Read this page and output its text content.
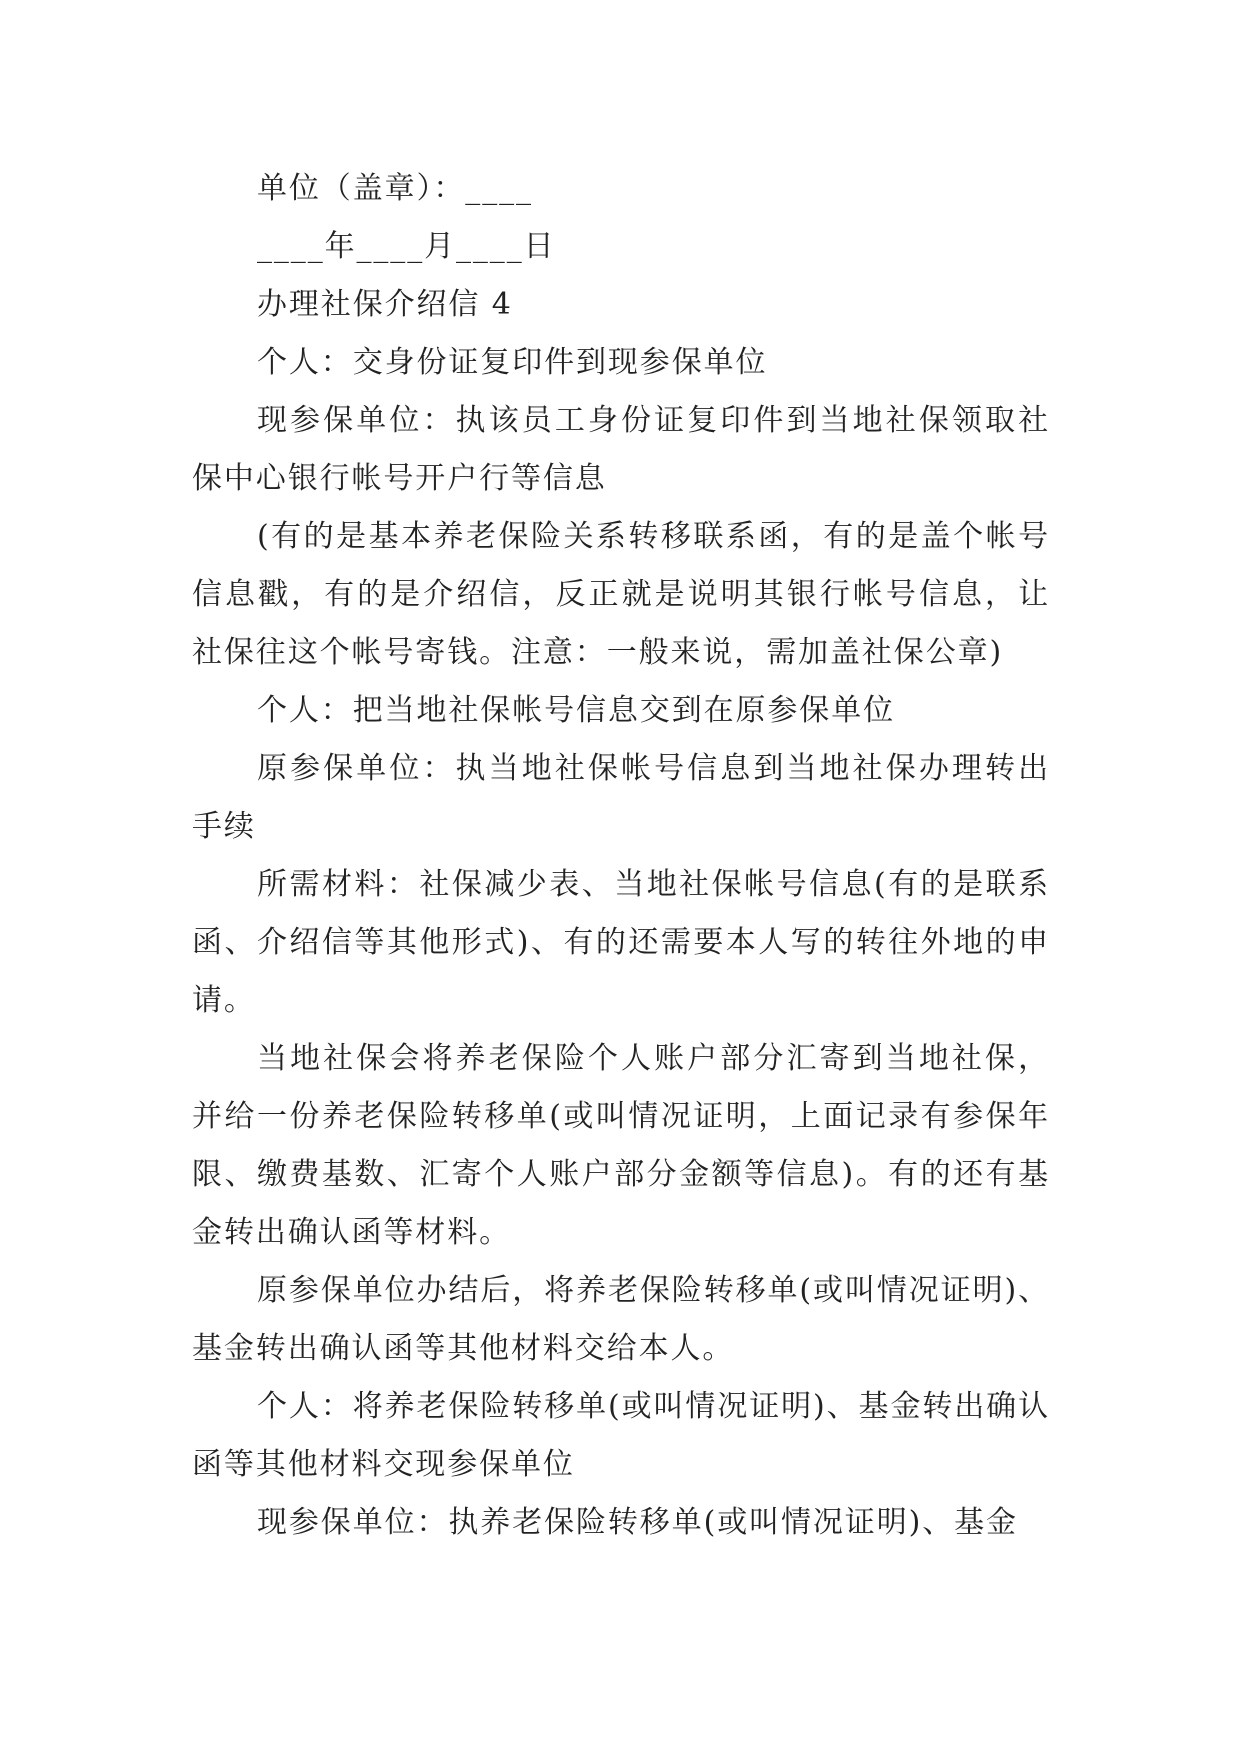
单位（盖章）：____

____年____月____日

办理社保介绍信 4

个人：交身份证复印件到现参保单位

现参保单位：执该员工身份证复印件到当地社保领取社保中心银行帐号开户行等信息

(有的是基本养老保险关系转移联系函，有的是盖个帐号信息戳，有的是介绍信，反正就是说明其银行帐号信息，让社保往这个帐号寄钱。注意：一般来说，需加盖社保公章)

个人：把当地社保帐号信息交到在原参保单位

原参保单位：执当地社保帐号信息到当地社保办理转出手续

所需材料：社保减少表、当地社保帐号信息(有的是联系函、介绍信等其他形式)、有的还需要本人写的转往外地的申请。

当地社保会将养老保险个人账户部分汇寄到当地社保，并给一份养老保险转移单(或叫情况证明，上面记录有参保年限、缴费基数、汇寄个人账户部分金额等信息)。有的还有基金转出确认函等材料。

原参保单位办结后，将养老保险转移单(或叫情况证明)、基金转出确认函等其他材料交给本人。

个人：将养老保险转移单(或叫情况证明)、基金转出确认函等其他材料交现参保单位

现参保单位：执养老保险转移单(或叫情况证明)、基金
